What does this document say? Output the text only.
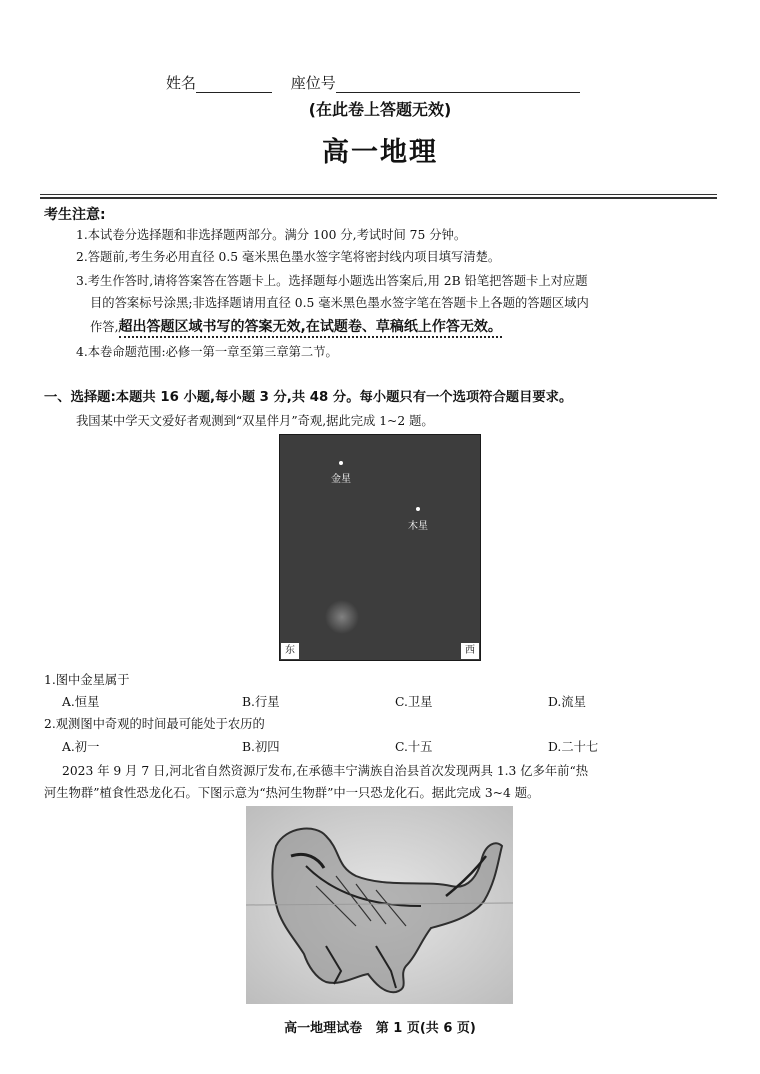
姓名	座位号
(在此卷上答题无效)
高一地理
考生注意:
1.本试卷分选择题和非选择题两部分。满分 100 分,考试时间 75 分钟。
2.答题前,考生务必用直径 0.5 毫米黑色墨水签字笔将密封线内项目填写清楚。
3.考生作答时,请将答案答在答题卡上。选择题每小题选出答案后,用 2B 铅笔把答题卡上对应题
目的答案标号涂黑;非选择题请用直径 0.5 毫米黑色墨水签字笔在答题卡上各题的答题区域内
作答,超出答题区域书写的答案无效,在试题卷、草稿纸上作答无效。
4.本卷命题范围:必修一第一章至第三章第二节。
一、选择题:本题共 16 小题,每小题 3 分,共 48 分。每小题只有一个选项符合题目要求。
我国某中学天文爱好者观测到“双星伴月”奇观,据此完成 1~2 题。
金星
木星
东	西
1.图中金星属于
A.恒星	B.行星	C.卫星	D.流星
2.观测图中奇观的时间最可能处于农历的
A.初一	B.初四	C.十五	D.二十七
2023 年 9 月 7 日,河北省自然资源厅发布,在承德丰宁满族自治县首次发现两具 1.3 亿多年前“热
河生物群”植食性恐龙化石。下图示意为“热河生物群”中一只恐龙化石。据此完成 3~4 题。
高一地理试卷   第 1 页(共 6 页)
